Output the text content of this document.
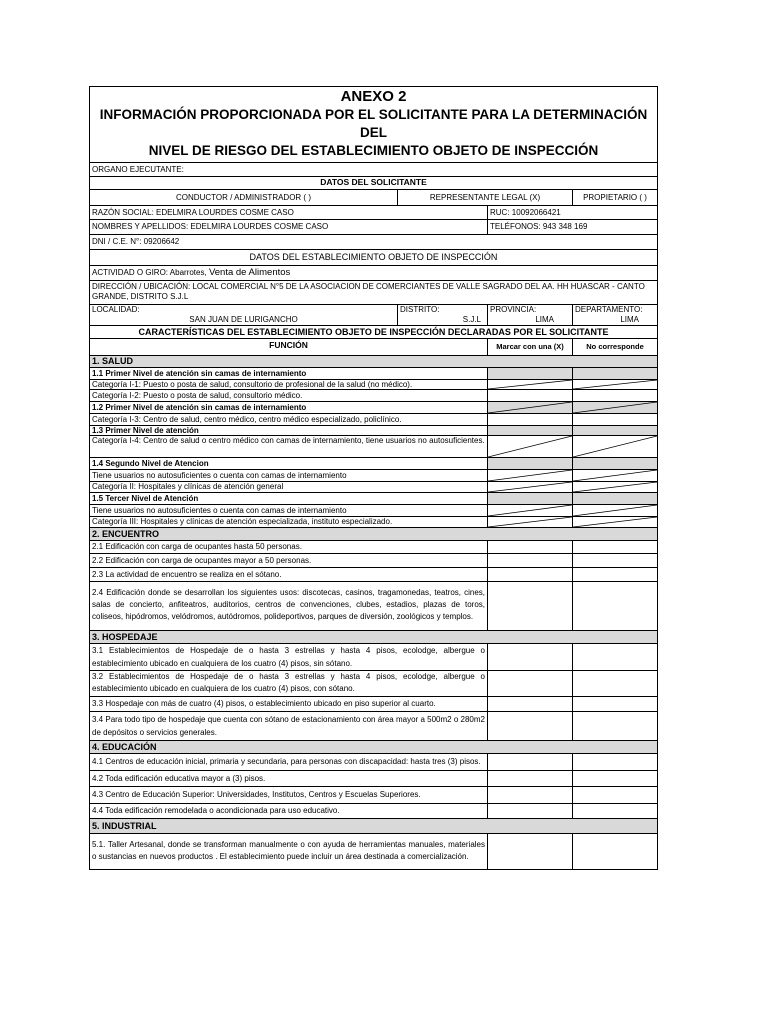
ANEXO 2
INFORMACIÓN PROPORCIONADA POR EL SOLICITANTE PARA LA DETERMINACIÓN DEL
NIVEL DE RIESGO DEL ESTABLECIMIENTO OBJETO DE INSPECCIÓN
ORGANO EJECUTANTE:
DATOS DEL SOLICITANTE
CONDUCTOR / ADMINISTRADOR ( )	REPRESENTANTE LEGAL (X)	PROPIETARIO ( )
RAZÓN SOCIAL: EDELMIRA LOURDES COSME CASO	RUC: 10092066421
NOMBRES Y APELLIDOS: EDELMIRA LOURDES COSME CASO	TELÉFONOS: 943 348 169
DNI / C.E. N°: 09206642
DATOS DEL ESTABLECIMIENTO OBJETO DE INSPECCIÓN
ACTIVIDAD O GIRO: Abarrotes, Venta de Alimentos
DIRECCIÓN / UBICACIÓN: LOCAL COMERCIAL N°5 DE LA ASOCIACION DE COMERCIANTES DE VALLE SAGRADO DEL AA. HH HUASCAR - CANTO GRANDE, DISTRITO S.J.L
LOCALIDAD:
SAN JUAN DE LURIGANCHO
DISTRITO:
S.J.L
PROVINCIA:
LIMA
DEPARTAMENTO:
LIMA
CARACTERÍSTICAS DEL ESTABLECIMIENTO OBJETO DE INSPECCIÓN DECLARADAS POR EL SOLICITANTE
FUNCIÓN	Marcar con una (X)	No corresponde
1. SALUD
1.1 Primer Nivel de atención sin camas de internamiento
Categoría I-1: Puesto o posta de salud, consultorio de profesional de la salud (no médico).
Categoría I-2: Puesto o posta de salud, consultorio médico.
1.2 Primer Nivel de atención sin camas de internamiento
Categoría I-3: Centro de salud, centro médico, centro médico especializado, policlínico.
1.3 Primer Nivel de atención
Categoría I-4: Centro de salud o centro médico con camas de internamiento, tiene usuarios no autosuficientes.
1.4 Segundo Nivel de Atencion
Tiene usuarios no autosuficientes o cuenta con camas de internamiento
Categoría II: Hospitales y clínicas de atención general
1.5 Tercer Nivel de Atención
Tiene usuarios no autosuficientes o cuenta con camas de internamiento
Categoría III: Hospitales y clínicas de atención especializada, instituto especializado.
2. ENCUENTRO
2.1 Edificación con carga de ocupantes hasta 50 personas.
2.2 Edificación con carga de ocupantes mayor a 50 personas.
2.3 La actividad de encuentro se realiza en el sótano.
2.4 Edificación donde se desarrollan los siguientes usos: discotecas, casinos, tragamonedas, teatros, cines, salas de concierto, anfiteatros, auditorios, centros de convenciones, clubes, estadios, plazas de toros, coliseos, hipódromos, velódromos, autódromos, polideportivos, parques de diversión, zoológicos y templos.
3. HOSPEDAJE
3.1 Establecimientos de Hospedaje de o hasta 3 estrellas y hasta 4 pisos, ecolodge, albergue o establecimiento ubicado en cualquiera de los cuatro (4) pisos, sin sótano.
3.2 Establecimientos de Hospedaje de o hasta 3 estrellas y hasta 4 pisos, ecolodge, albergue o establecimiento ubicado en cualquiera de los cuatro (4) pisos, con sótano.
3.3 Hospedaje con más de cuatro (4) pisos, o establecimiento ubicado en piso superior al cuarto.
3.4 Para todo tipo de hospedaje que cuenta con sótano de estacionamiento con área mayor a 500m2 o 280m2 de depósitos o servicios generales.
4. EDUCACIÓN
4.1 Centros de educación inicial, primaria y secundaria, para personas con discapacidad: hasta tres (3) pisos.
4.2 Toda edificación educativa mayor a (3) pisos.
4.3 Centro de Educación Superior: Universidades, Institutos, Centros y Escuelas Superiores.
4.4 Toda edificación remodelada o acondicionada para uso educativo.
5. INDUSTRIAL
5.1. Taller Artesanal, donde se transforman manualmente o con ayuda de herramientas manuales, materiales o sustancias en nuevos productos . El establecimiento puede incluir un área destinada a comercialización.
